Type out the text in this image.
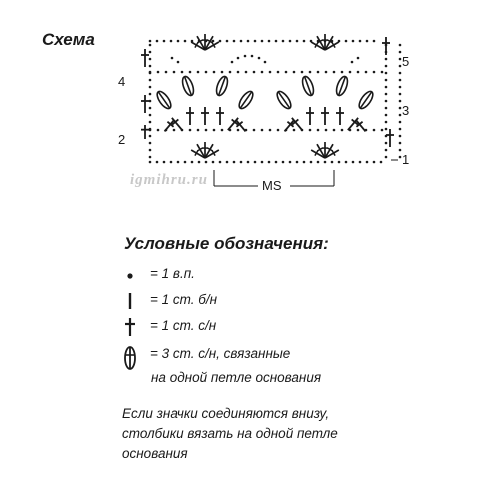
Схема
4
2
5
3
1
igmihru.ru	MS
Условные обозначения:
= 1 в.п.
= 1 ст. б/н
= 1 ст. с/н
= 3 ст. с/н, связанные
на одной петле основания
Если значки соединяются внизу,
столбики вязать на одной петле
основания
